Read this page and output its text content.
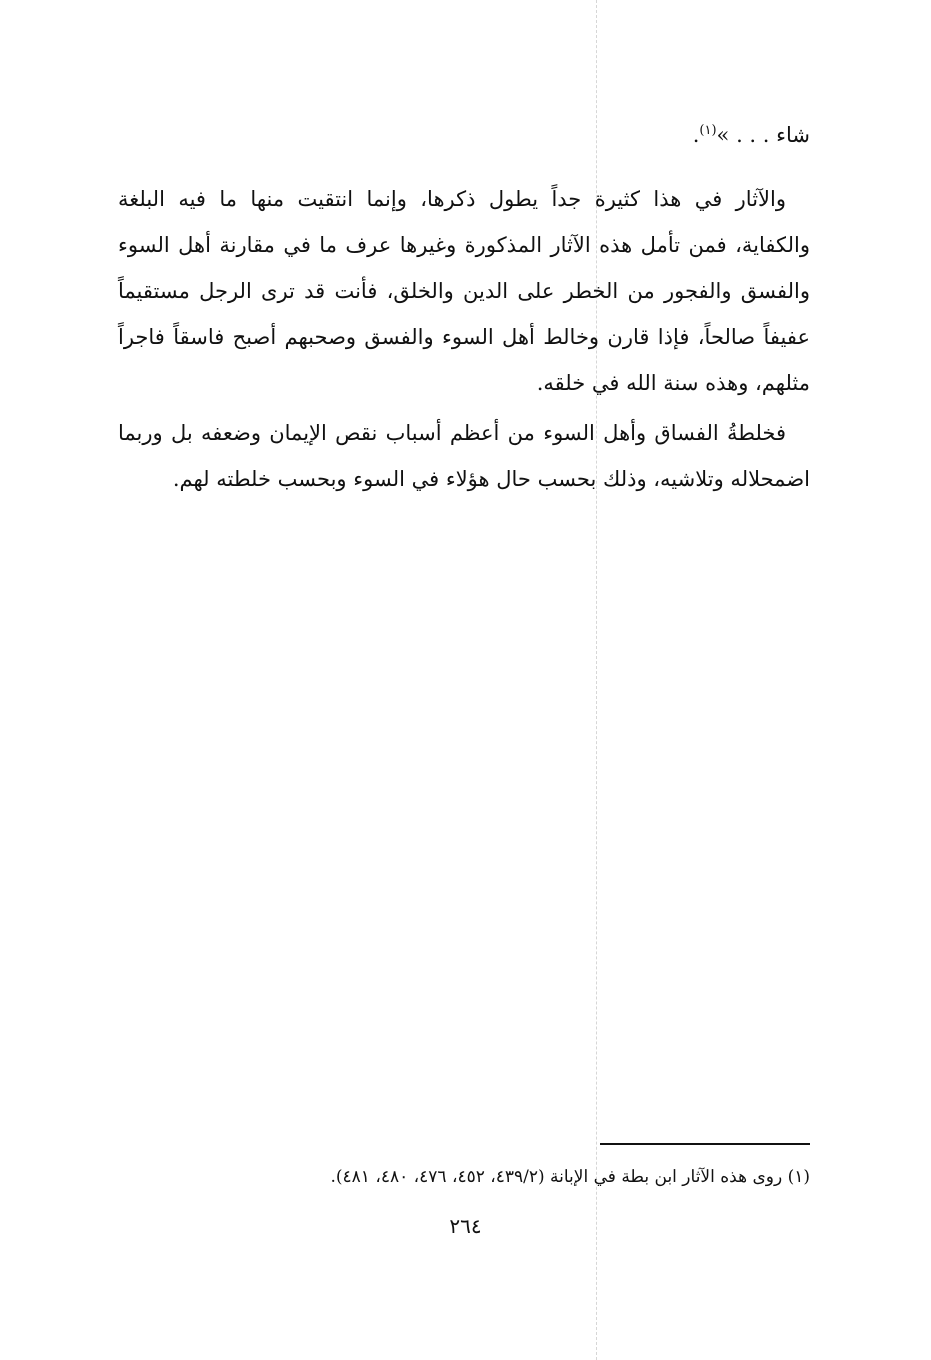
شاء . . . »$^{(١)}$.

والآثار في هذا كثيرة جداً يطول ذكرها، وإنما انتقيت منها ما فيه البلغة والكفاية، فمن تأمل هذه الآثار المذكورة وغيرها عرف ما في مقارنة أهل السوء والفسق والفجور من الخطر على الدين والخلق، فأنت قد ترى الرجل مستقيماً عفيفاً صالحاً، فإذا قارن وخالط أهل السوء والفسق وصحبهم أصبح فاسقاً فاجراً مثلهم، وهذه سنة الله في خلقه.

فخلطةُ الفساق وأهل السوء من أعظم أسباب نقص الإيمان وضعفه بل وربما اضمحلاله وتلاشيه، وذلك بحسب حال هؤلاء في السوء وبحسب خلطته لهم.

(١) روى هذه الآثار ابن بطة في الإبانة (٤٣٩/٢، ٤٥٢، ٤٧٦، ٤٨٠، ٤٨١).
٢٦٤
